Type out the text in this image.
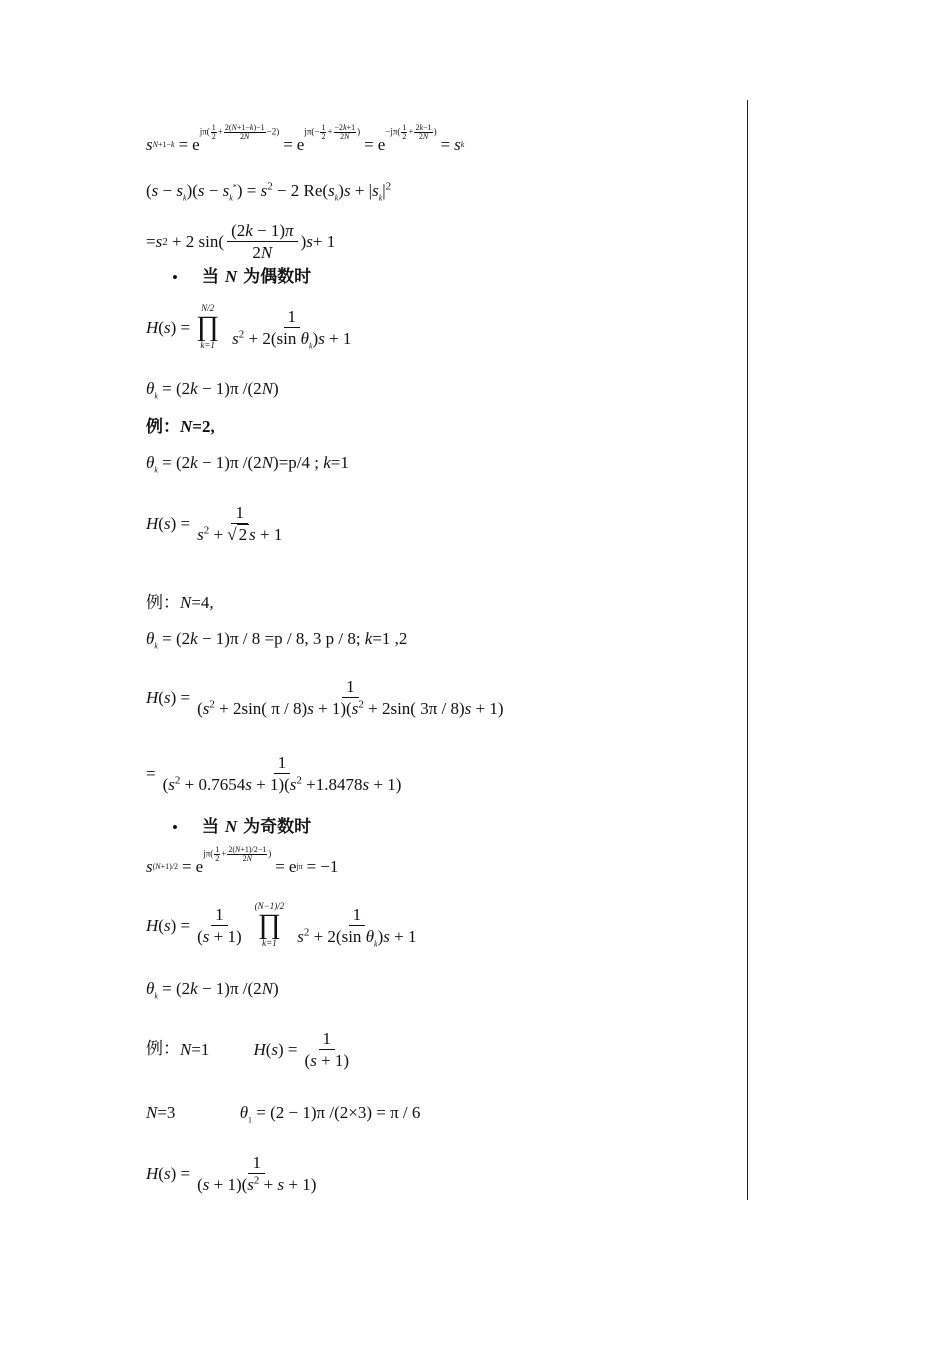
s N+1−k = e
$j\pi( \frac{1}{2} + \frac{2(N+1-k)-1}{2N} -2)$
= e
$j\pi(- \frac{1}{2} + \frac{-2k+1}{2N}$ )
= e
$-j\pi( \frac{1}{2} + \frac{2k-1}{2N}$ )
= s k
$(s - s_k)(s - s_k^*) = s^2 - 2$ $Re(s_k)s + |s_k|^2$
= s 2 + 2 $\sin( \frac{(2k - 1)\pi}{2N}$ ) s + 1
• 当 N 为偶数时
H ( s ) =
N/2
∏
$k=1 \frac{1}{s^2 + 2(\sin \theta_k)s + 1}$
$\theta_k = (2k - 1)\pi$ /(2N)
例：N=2,
$\theta_k = (2k - 1)\pi$ /(2N)=p/4 ; k=1
H ( s ) = $\frac{1}{s^2 + √ 2 s + 1}$
例：N=4,
$\theta_k = (2k - 1)\pi / 8 =p / 8$, 3 p / 8; k=1 ,2
H ( s ) = $\frac{1}{(s^2 + 2\sin( \pi / 8)s + 1)(s^2 + 2\sin( 3\pi / 8)s + 1)}$
= $\frac{1}{(s^2 + 0.7654s + 1)(s^2 +1.8478s + 1)}$
• 当 N 为奇数时
s (N+1)/2 = e
$j\pi( \frac{1}{2} + \frac{2(N+1)/2-1}{2N}$ )
= e jπ = −1
H ( s ) = $\frac{1}{(s + 1)} (N-1)/2$
∏
$k=1 \frac{1}{s^2 + 2(\sin \theta_k)s + 1}$
$\theta_k = (2k - 1)\pi$ /(2N)
例： N =1	$H(s) = \frac{1}{(s + 1)}$
N=3	$\theta_1 = (2 - 1)\pi$ /(2×3) = π / 6
H ( s ) = $\frac{1}{(s + 1)(s^2 + s + 1)}$
